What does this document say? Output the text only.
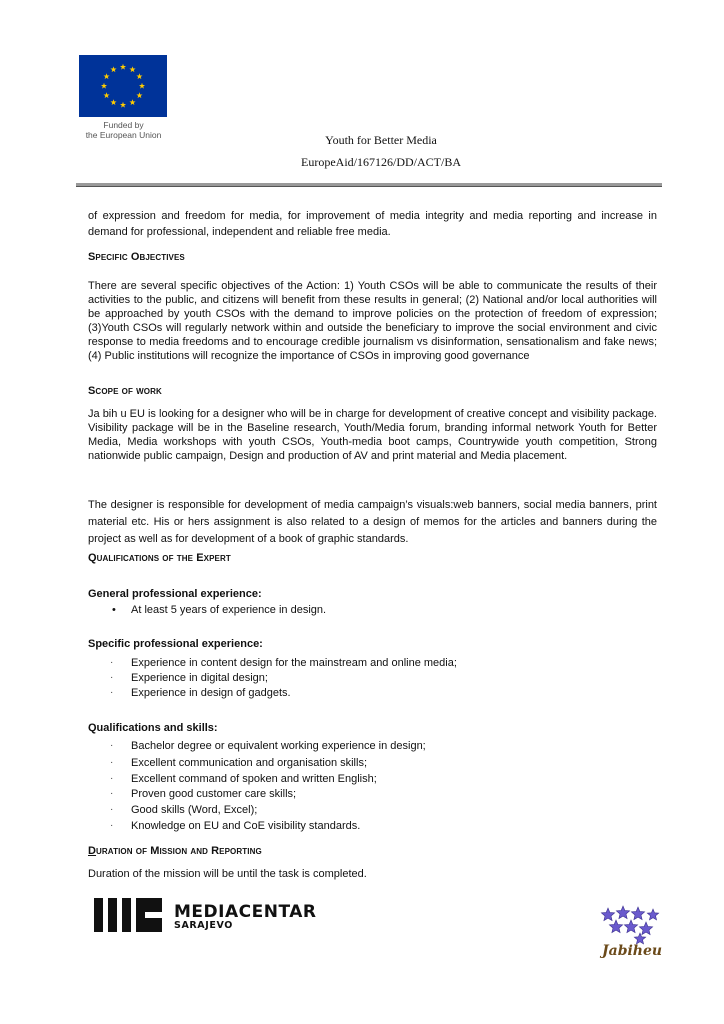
Funded by
the European Union	Youth for Better Media
EuropeAid/167126/DD/ACT/BA
of expression and freedom for media, for improvement of media integrity and media reporting and increase in demand for professional, independent and reliable free media.
Specific Objectives
There are several specific objectives of the Action: 1) Youth CSOs will be able to communicate the results of their activities to the public, and citizens will benefit from these results in general; (2) National and/or local authorities will be approached by youth CSOs with the demand to improve policies on the protection of freedom of expression; (3)Youth CSOs will regularly network within and outside the beneficiary to improve the social environment and civic response to media freedoms and to encourage credible journalism vs disinformation, sensationalism and fake news; (4) Public institutions will recognize the importance of CSOs in improving good governance
Scope of work
Ja bih u EU is looking for a designer who will be in charge for development of creative concept and visibility package. Visibility package will be in the Baseline research, Youth/Media forum, branding informal network Youth for Better Media, Media workshops with youth CSOs, Youth-media boot camps, Countrywide youth competition, Strong nationwide public campaign, Design and production of AV and print material and Media placement.
The designer is responsible for development of media campaign’s visuals:web banners, social media banners, print material etc. His or hers assignment is also related to a design of memos for the articles and banners during the project as well as for development of a book of graphic standards.
Qualifications of the Expert
General professional experience:
• At least 5 years of experience in design.
Specific professional experience:
· Experience in content design for the mainstream and online media;
· Experience in digital design;
· Experience in design of gadgets.
Qualifications and skills:
· Bachelor degree or equivalent working experience in design;
· Excellent communication and organisation skills;
· Excellent command of spoken and written English;
· Proven good customer care skills;
· Good skills (Word, Excel);
· Knowledge on EU and CoE visibility standards.
Duration of Mission and Reporting
Duration of the mission will be until the task is completed.
MEDIACENTAR
SARAJEVO
Jabiheu
